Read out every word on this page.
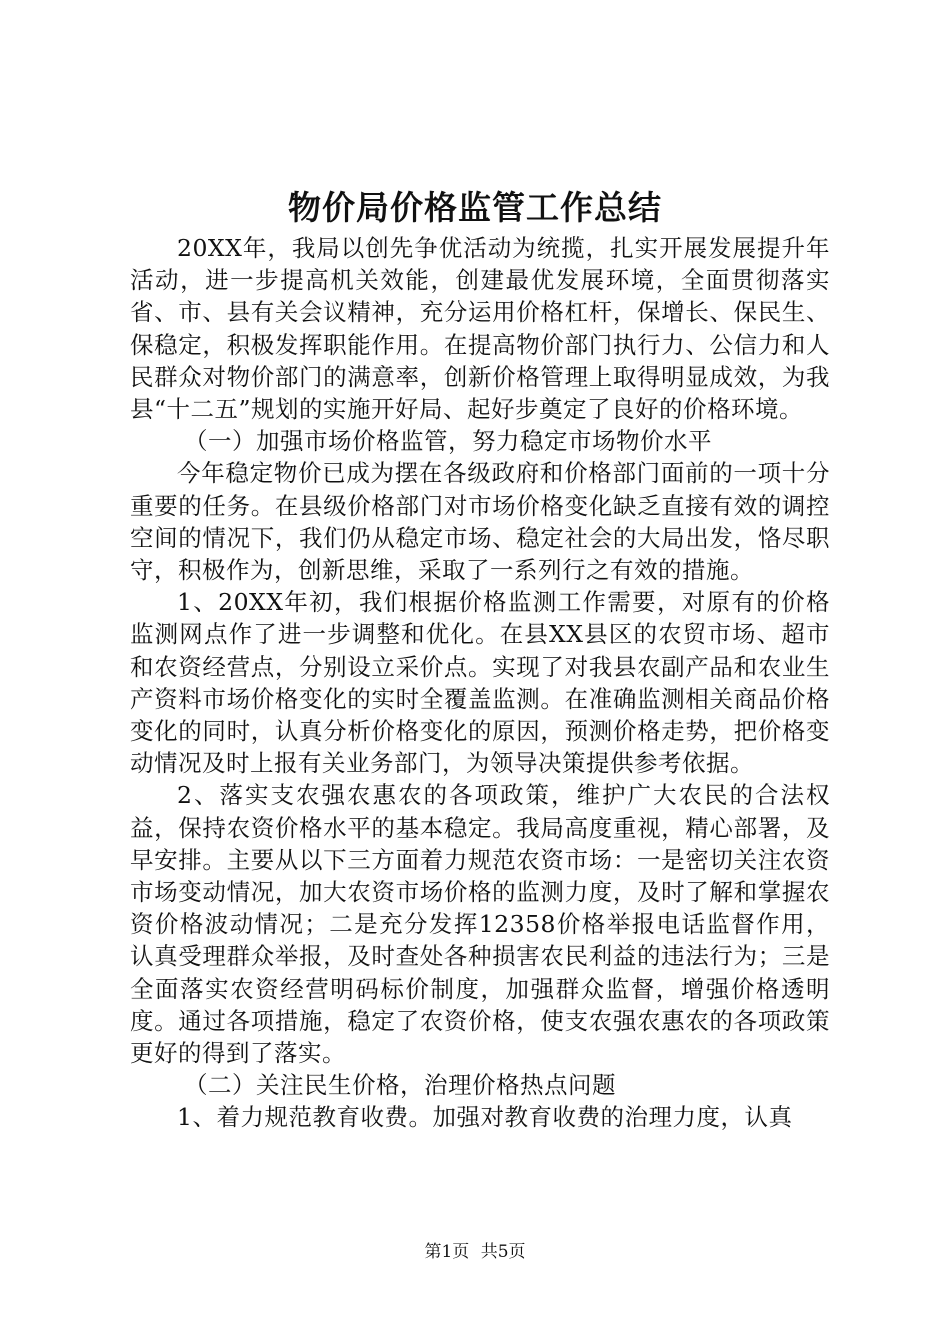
物价局价格监管工作总结

20XX年，我局以创先争优活动为统揽，扎实开展发展提升年活动，进一步提高机关效能，创建最优发展环境，全面贯彻落实省、市、县有关会议精神，充分运用价格杠杆，保增长、保民生、保稳定，积极发挥职能作用。在提高物价部门执行力、公信力和人民群众对物价部门的满意率，创新价格管理上取得明显成效，为我县“十二五”规划的实施开好局、起好步奠定了良好的价格环境。

（一）加强市场价格监管，努力稳定市场物价水平

今年稳定物价已成为摆在各级政府和价格部门面前的一项十分重要的任务。在县级价格部门对市场价格变化缺乏直接有效的调控空间的情况下，我们仍从稳定市场、稳定社会的大局出发，恪尽职守，积极作为，创新思维，采取了一系列行之有效的措施。

1、20XX年初，我们根据价格监测工作需要，对原有的价格监测网点作了进一步调整和优化。在县XX县区的农贸市场、超市和农资经营点，分别设立采价点。实现了对我县农副产品和农业生产资料市场价格变化的实时全覆盖监测。在准确监测相关商品价格变化的同时，认真分析价格变化的原因，预测价格走势，把价格变动情况及时上报有关业务部门，为领导决策提供参考依据。

2、落实支农强农惠农的各项政策，维护广大农民的合法权益，保持农资价格水平的基本稳定。我局高度重视，精心部署，及早安排。主要从以下三方面着力规范农资市场：一是密切关注农资市场变动情况，加大农资市场价格的监测力度，及时了解和掌握农资价格波动情况；二是充分发挥12358价格举报电话监督作用，认真受理群众举报，及时查处各种损害农民利益的违法行为；三是全面落实农资经营明码标价制度，加强群众监督，增强价格透明度。通过各项措施，稳定了农资价格，使支农强农惠农的各项政策更好的得到了落实。

（二）关注民生价格，治理价格热点问题

1、着力规范教育收费。加强对教育收费的治理力度，认真

第1页 共5页
